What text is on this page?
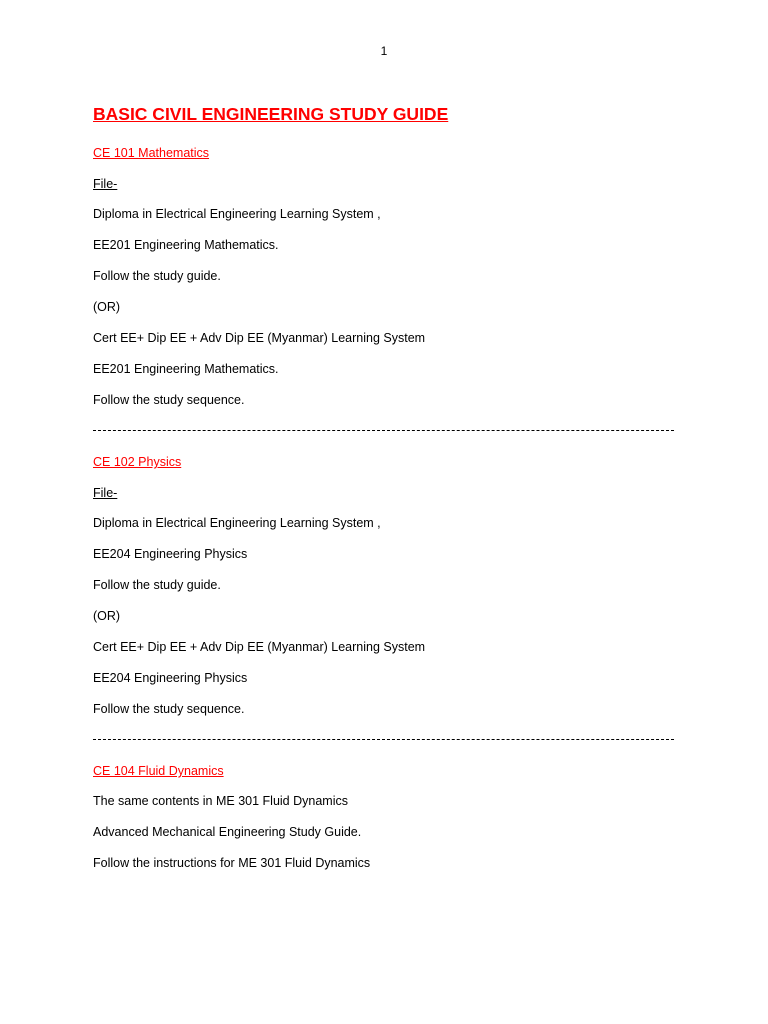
1
BASIC CIVIL ENGINEERING STUDY GUIDE
CE 101 Mathematics
File-
Diploma in Electrical Engineering Learning System ,
EE201 Engineering Mathematics.
Follow the study guide.
(OR)
Cert EE+ Dip EE + Adv Dip EE (Myanmar) Learning System
EE201 Engineering Mathematics.
Follow the study sequence.
CE 102 Physics
File-
Diploma in Electrical Engineering Learning System ,
EE204 Engineering Physics
Follow the study guide.
(OR)
Cert EE+ Dip EE + Adv Dip EE (Myanmar) Learning System
EE204 Engineering Physics
Follow the study sequence.
CE 104 Fluid Dynamics
The same contents in ME 301 Fluid Dynamics
Advanced Mechanical Engineering Study Guide.
Follow the instructions for ME 301 Fluid Dynamics
